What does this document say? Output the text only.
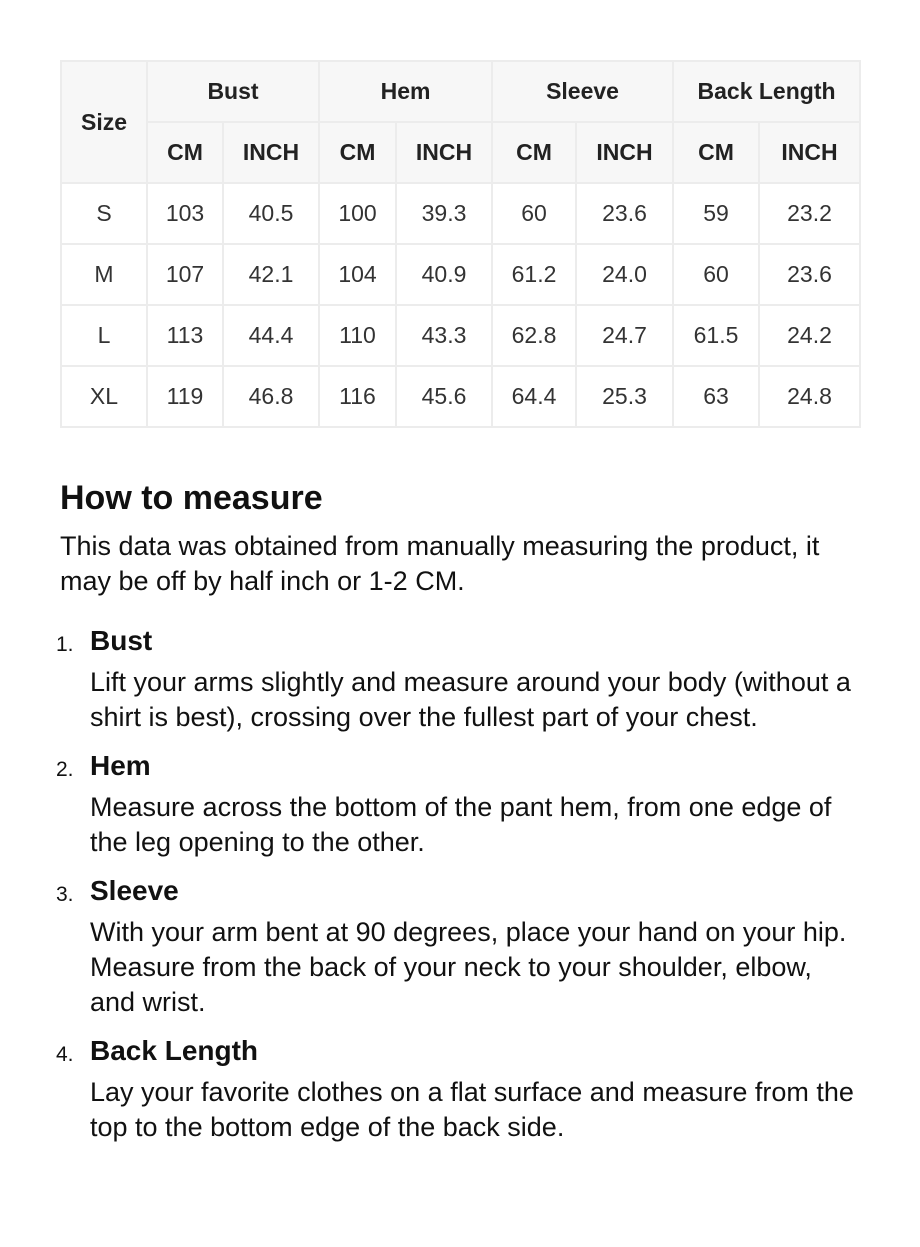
Size	Bust		Hem		Sleeve		Back Length	
	CM	INCH	CM	INCH	CM	INCH	CM	INCH
S	103	40.5	100	39.3	60	23.6	59	23.2
M	107	42.1	104	40.9	61.2	24.0	60	23.6
L	113	44.4	110	43.3	62.8	24.7	61.5	24.2
XL	119	46.8	116	45.6	64.4	25.3	63	24.8
How to measure

This data was obtained from manually measuring the product, it may be off by half inch or 1-2 CM.

1. Bust
Lift your arms slightly and measure around your body (without a shirt is best), crossing over the fullest part of your chest.
2. Hem
Measure across the bottom of the pant hem, from one edge of the leg opening to the other.
3. Sleeve
With your arm bent at 90 degrees, place your hand on your hip. Measure from the back of your neck to your shoulder, elbow, and wrist.
4. Back Length
Lay your favorite clothes on a flat surface and measure from the top to the bottom edge of the back side.
